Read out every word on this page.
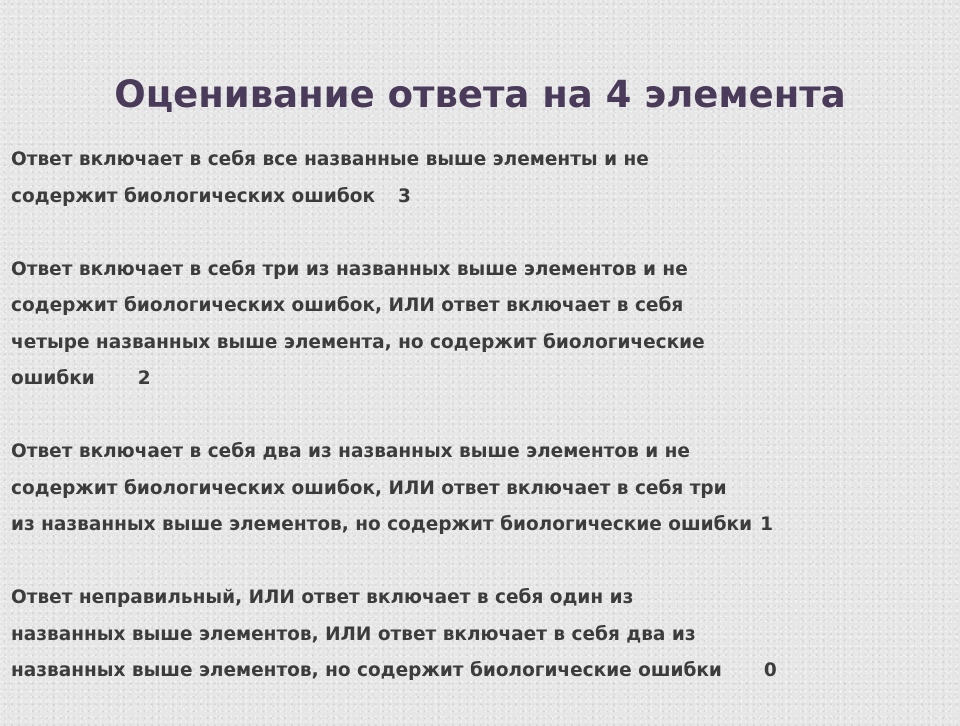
Оценивание ответа на 4 элемента
Ответ включает в себя все названные выше элементы и не
содержит биологических ошибок 3
Ответ включает в себя три из названных выше элементов и не
содержит биологических ошибок, ИЛИ ответ включает в себя
четыре названных выше элемента, но содержит биологические
ошибки 2
Ответ включает в себя два из названных выше элементов и не
содержит биологических ошибок, ИЛИ ответ включает в себя три
из названных выше элементов, но содержит биологические ошибки 1
Ответ неправильный, ИЛИ ответ включает в себя один из
названных выше элементов, ИЛИ ответ включает в себя два из
названных выше элементов, но содержит биологические ошибки 0
